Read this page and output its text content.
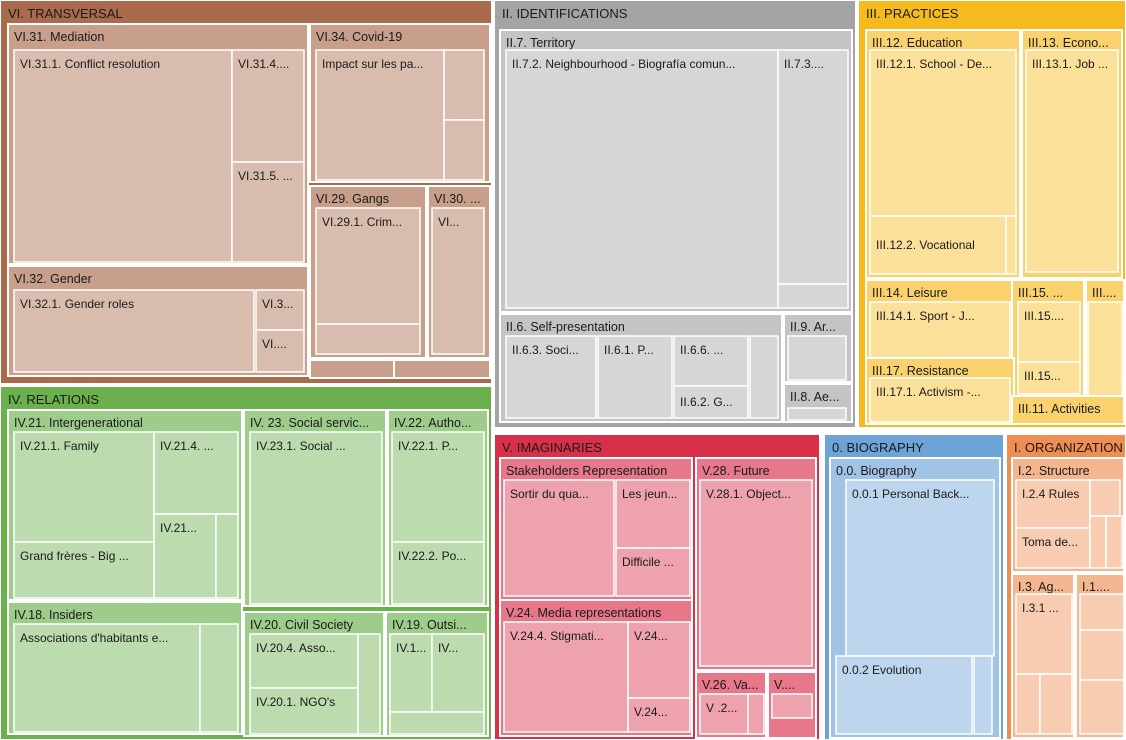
VI. TRANSVERSAL
VI.31. Mediation
VI.31.1. Conflict resolution	VI.31.4....
VI.31.5. ...
VI.34. Covid-19
Impact sur les pa...
VI.29. Gangs
VI.29.1. Crim...
VI.30. ...
VI...
VI.32. Gender
VI.32.1. Gender roles	VI.3...
VI....
II. IDENTIFICATIONS
II.7. Territory
II.7.2. Neighbourhood - Biografía comun...	II.7.3....
II.6. Self-presentation
II.6.3. Soci... II.6.1. P... II.6.6. ...
II.6.2. G...
II.9. Ar...
II.8. Ae...
III. PRACTICES
III.12. Education
III.12.1. School - De...
III.12.2. Vocational
III.13. Econo...
III.13.1. Job ...
III.14. Leisure
III.14.1. Sport - J...
III.15. ...
III.15....
III.15...
III....
III.17. Resistance
III.17.1. Activism -...
III.11. Activities
IV. RELATIONS
IV.21. Intergenerational
IV.21.1. Family	IV.21.4. ...
IV.21...
Grand frères - Big ...
IV. 23. Social servic...
IV.23.1. Social ...
IV.22. Autho...
IV.22.1. P...
IV.22.2. Po...
IV.18. Insiders
Associations d'habitants e...
IV.20. Civil Society
IV.20.4. Asso...
IV.20.1. NGO's
IV.19. Outsi...
IV.1... IV...
V. IMAGINARIES
Stakeholders Representation
Sortir du qua...	Les jeun...
Difficile ...
V.28. Future
V.28.1. Object...
V.24. Media representations
V.24.4. Stigmati...	V.24...
V.24...
V.26. Va...
V .2...
V....
0. BIOGRAPHY
0.0. Biography
0.0.1 Personal Back...
0.0.2 Evolution
I. ORGANIZATION
I.2. Structure
I.2.4 Rules
Toma de...
I.3. Ag...
I.3.1 ...
I.1....
